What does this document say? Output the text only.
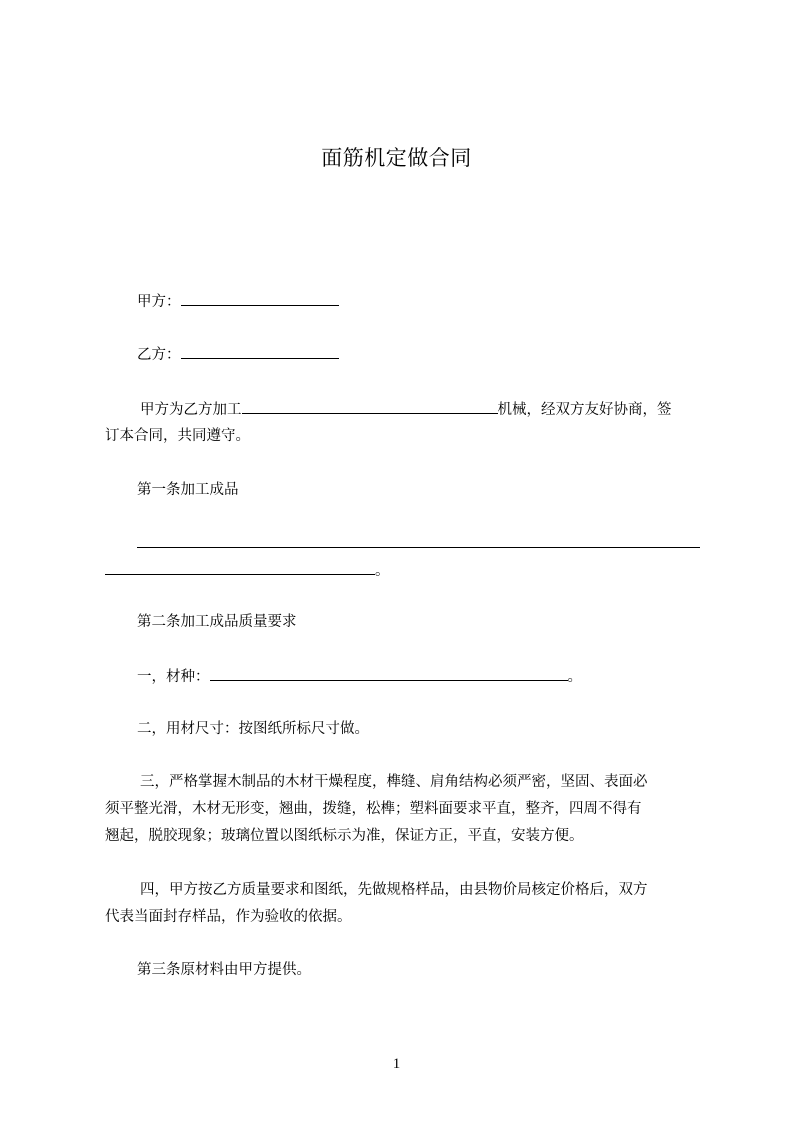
面筋机定做合同
甲方：
乙方：
甲方为乙方加工	机械，经双方友好协商，签
订本合同，共同遵守。
第一条加工成品
。
第二条加工成品质量要求
一，材种：	。
二，用材尺寸：按图纸所标尺寸做。
三，严格掌握木制品的木材干燥程度，榫缝、肩角结构必须严密，坚固、表面必
须平整光滑，木材无形变，翘曲，拨缝，松榫；塑料面要求平直，整齐，四周不得有
翘起，脱胶现象；玻璃位置以图纸标示为准，保证方正，平直，安装方便。
四，甲方按乙方质量要求和图纸，先做规格样品，由县物价局核定价格后，双方
代表当面封存样品，作为验收的依据。
第三条原材料由甲方提供。
1
